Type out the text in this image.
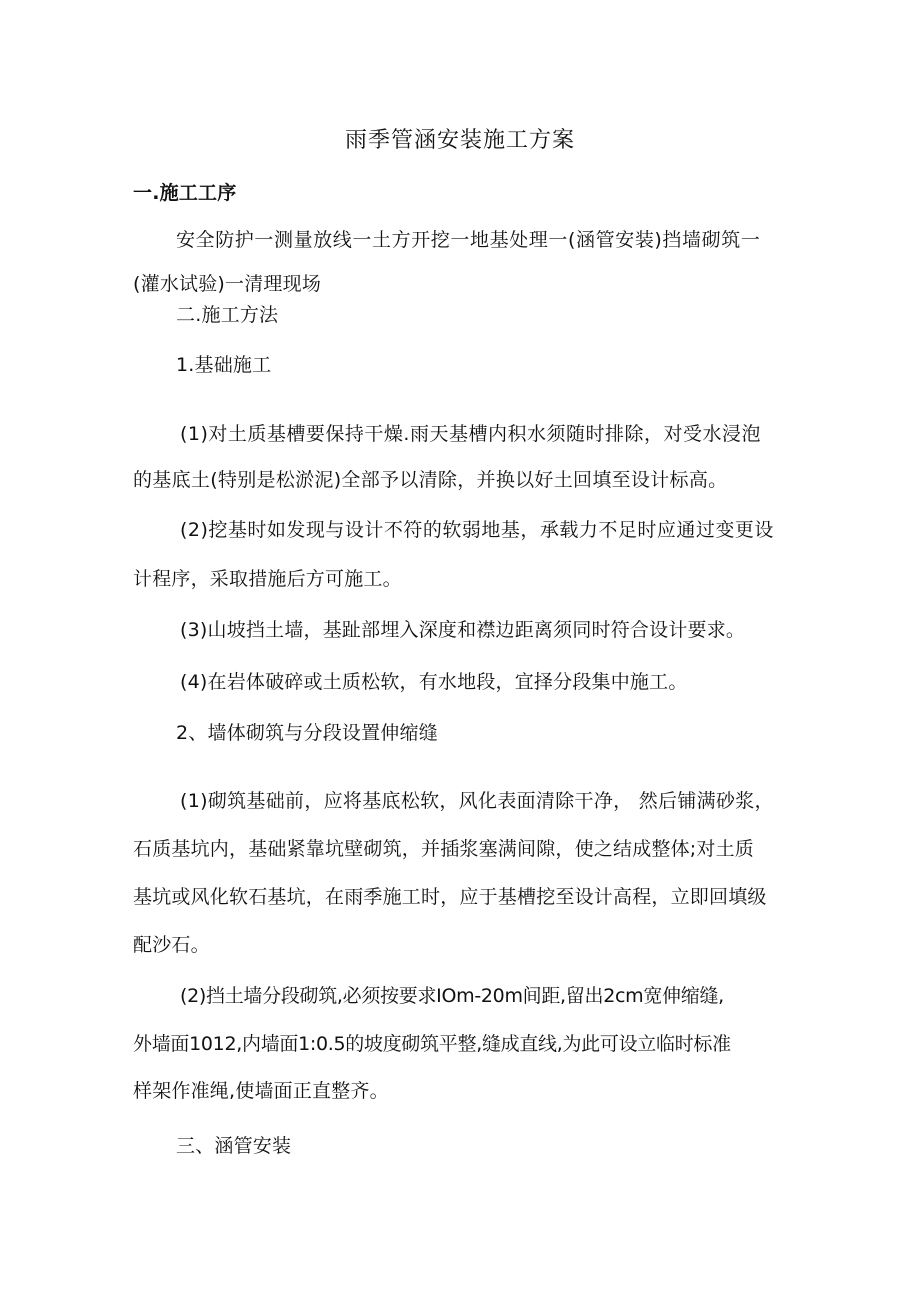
雨季管涵安装施工方案
一.施工工序
安全防护一测量放线一土方开挖一地基处理一(涵管安装)挡墙砌筑一
(灌水试验)一清理现场
二.施工方法
1.基础施工
(1)对土质基槽要保持干燥.雨天基槽内积水须随时排除，对受水浸泡
的基底土(特别是松淤泥)全部予以清除，并换以好土回填至设计标高。
(2)挖基时如发现与设计不符的软弱地基，承载力不足时应通过变更设
计程序，采取措施后方可施工。
(3)山坡挡土墙，基趾部埋入深度和襟边距离须同时符合设计要求。
(4)在岩体破碎或土质松软，有水地段，宜择分段集中施工。
2、墙体砌筑与分段设置伸缩缝
(1)砌筑基础前，应将基底松软，风化表面清除干净， 然后铺满砂浆，
石质基坑内，基础紧靠坑壁砌筑，并插浆塞满间隙，使之结成整体;对土质
基坑或风化软石基坑，在雨季施工时，应于基槽挖至设计高程，立即回填级
配沙石。
(2)挡土墙分段砌筑,必须按要求IOm-20m间距,留出2cm宽伸缩缝,
外墙面1012,内墙面1:0.5的坡度砌筑平整,缝成直线,为此可设立临时标准
样架作准绳,使墙面正直整齐。
三、涵管安装
